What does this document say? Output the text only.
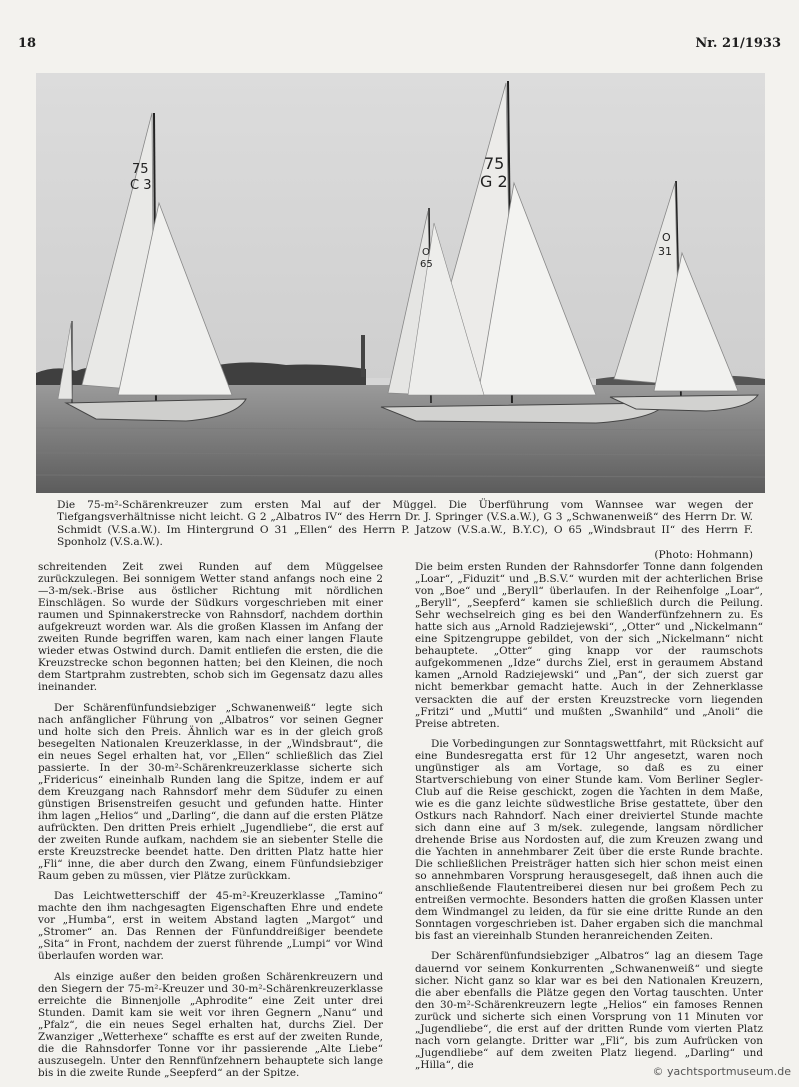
18	Nr. 21/1933
75
C 3
75
G 2
O
65
O
31
Die 75-m²-Schärenkreuzer zum ersten Mal auf der Müggel. Die Überführung vom Wannsee war wegen der Tiefgangsverhältnisse nicht leicht. G 2 „Albatros IV“ des Herrn Dr. J. Springer (V.S.a.W.), G 3 „Schwanenweiß“ des Herrn Dr. W. Schmidt (V.S.a.W.). Im Hintergrund O 31 „Ellen“ des Herrn P. Jatzow (V.S.a.W., B.Y.C), O 65 „Windsbraut II“ des Herrn F. Sponholz (V.S.a.W.).
(Photo: Hohmann)

schreitenden Zeit zwei Runden auf dem Müggelsee zurückzulegen. Bei sonnigem Wetter stand anfangs noch eine 2—3-m/sek.-Brise aus östlicher Richtung mit nördlichen Einschlägen. So wurde der Südkurs vorgeschrieben mit einer raumen und Spinnakerstrecke von Rahnsdorf, nachdem dorthin aufgekreuzt worden war. Als die großen Klassen im Anfang der zweiten Runde begriffen waren, kam nach einer langen Flaute wieder etwas Ostwind durch. Damit entliefen die ersten, die die Kreuzstrecke schon begonnen hatten; bei den Kleinen, die noch dem Startprahm zustrebten, schob sich im Gegensatz dazu alles ineinander.

Der Schärenfünfundsiebziger „Schwanenweiß“ legte sich nach anfänglicher Führung von „Albatros“ vor seinen Gegner und holte sich den Preis. Ähnlich war es in der gleich groß besegelten Nationalen Kreuzerklasse, in der „Windsbraut“, die ein neues Segel erhalten hat, vor „Ellen“ schließlich das Ziel passierte. In der 30-m²-Schärenkreuzerklasse sicherte sich „Fridericus“ eineinhalb Runden lang die Spitze, indem er auf dem Kreuzgang nach Rahnsdorf mehr dem Südufer zu einen günstigen Brisenstreifen gesucht und gefunden hatte. Hinter ihm lagen „Helios“ und „Darling“, die dann auf die ersten Plätze aufrückten. Den dritten Preis erhielt „Jugendliebe“, die erst auf der zweiten Runde aufkam, nachdem sie an siebenter Stelle die erste Kreuzstrecke beendet hatte. Den dritten Platz hatte hier „Fli“ inne, die aber durch den Zwang, einem Fünfundsiebziger Raum geben zu müssen, vier Plätze zurückkam.

Das Leichtwetterschiff der 45-m²-Kreuzerklasse „Tamino“ machte den ihm nachgesagten Eigenschaften Ehre und endete vor „Humba“, erst in weitem Abstand lagten „Margot“ und „Stromer“ an. Das Rennen der Fünfunddreißiger beendete „Sita“ in Front, nachdem der zuerst führende „Lumpi“ vor Wind überlaufen worden war.

Als einzige außer den beiden großen Schärenkreuzern und den Siegern der 75-m²-Kreuzer und 30-m²-Schärenkreuzerklasse erreichte die Binnenjolle „Aphrodite“ eine Zeit unter drei Stunden. Damit kam sie weit vor ihren Gegnern „Nanu“ und „Pfalz“, die ein neues Segel erhalten hat, durchs Ziel. Der Zwanziger „Wetterhexe“ schaffte es erst auf der zweiten Runde, die die Rahnsdorfer Tonne vor ihr passierende „Alte Liebe“ auszusegeln. Unter den Rennfünfzehnern behauptete sich lange bis in die zweite Runde „Seepferd“ an der Spitze.

Die beim ersten Runden der Rahnsdorfer Tonne dann folgenden „Loar“, „Fiduzit“ und „B.S.V.“ wurden mit der achterlichen Brise von „Boe“ und „Beryll“ überlaufen. In der Reihenfolge „Loar“, „Beryll“, „Seepferd“ kamen sie schließlich durch die Peilung. Sehr wechselreich ging es bei den Wanderfünfzehnern zu. Es hatte sich aus „Arnold Radziejewski“, „Otter“ und „Nickelmann“ eine Spitzengruppe gebildet, von der sich „Nickelmann“ nicht behauptete. „Otter“ ging knapp vor der raumschots aufgekommenen „Idze“ durchs Ziel, erst in geraumem Abstand kamen „Arnold Radziejewski“ und „Pan“, der sich zuerst gar nicht bemerkbar gemacht hatte. Auch in der Zehnerklasse versackten die auf der ersten Kreuzstrecke vorn liegenden „Fritzi“ und „Mutti“ und mußten „Swanhild“ und „Anoli“ die Preise abtreten.

Die Vorbedingungen zur Sonntagswettfahrt, mit Rücksicht auf eine Bundesregatta erst für 12 Uhr angesetzt, waren noch ungünstiger als am Vortage, so daß es zu einer Startverschiebung von einer Stunde kam. Vom Berliner Segler-Club auf die Reise geschickt, zogen die Yachten in dem Maße, wie es die ganz leichte südwestliche Brise gestattete, über den Ostkurs nach Rahndorf. Nach einer dreiviertel Stunde machte sich dann eine auf 3 m/sek. zulegende, langsam nördlicher drehende Brise aus Nordosten auf, die zum Kreuzen zwang und die Yachten in annehmbarer Zeit über die erste Runde brachte. Die schließlichen Preisträger hatten sich hier schon meist einen so annehmbaren Vorsprung herausgesegelt, daß ihnen auch die anschließende Flautentreiberei diesen nur bei großem Pech zu entreißen vermochte. Besonders hatten die großen Klassen unter dem Windmangel zu leiden, da für sie eine dritte Runde an den Sonntagen vorgeschrieben ist. Daher ergaben sich die manchmal bis fast an viereinhalb Stunden heranreichenden Zeiten.

Der Schärenfünfundsiebziger „Albatros“ lag an diesem Tage dauernd vor seinem Konkurrenten „Schwanenweiß“ und siegte sicher. Nicht ganz so klar war es bei den Nationalen Kreuzern, die aber ebenfalls die Plätze gegen den Vortag tauschten. Unter den 30-m²-Schärenkreuzern legte „Helios“ ein famoses Rennen zurück und sicherte sich einen Vorsprung von 11 Minuten vor „Jugendliebe“, die erst auf der dritten Runde vom vierten Platz nach vorn gelangte. Dritter war „Fli“, bis zum Aufrücken von „Jugendliebe“ auf dem zweiten Platz liegend. „Darling“ und „Hilla“, die

© yachtsportmuseum.de
